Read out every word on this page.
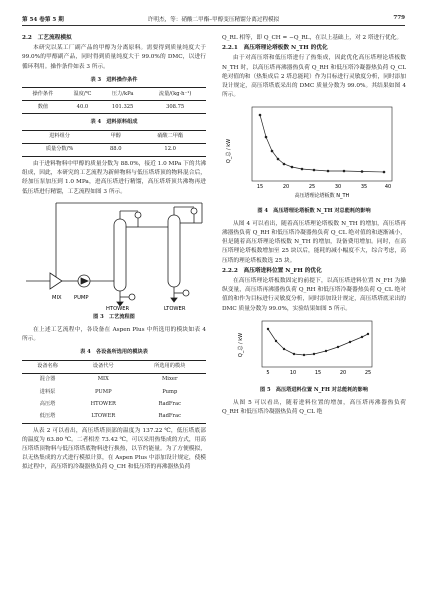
第 54 卷第 5 期	许明杰，等：硝酸二甲酯–甲醇变压精馏分离过程模拟	779
2.2　工艺流程模拟
本研究以某工厂副产品的甲醇为分离原料。需要得到质量纯度大于 99.0%的甲醇副产品，同时得到质量纯度大于 99.0%的 DMC，以进行循环利用。操作条件如表 3 所示。
表 3　进料操作条件
操作条件	温度/℃	压力/kPa	流量/(kg·h⁻¹)
数值	40.0	101.325	308.75
表 4　进料原料组成
进料组分	甲醇	硝酸二甲酯
质量分数/%	88.0	12.0
由于进料物料中甲醇的质量分数为 88.0%，接近 1.0 MPa 下的共沸组成，因此，本研究的工艺流程为新鲜物料与低压塔塔顶的物料混合后，经加压泵加压到 1.0 MPa，进高压塔进行精馏，高压塔塔顶共沸物再进低压塔进行精馏，工艺流程如图 3 所示。
MIX PUMP
HTOWER	LTOWER
图 3　工艺流程图
在上述工艺流程中，各设备在 Aspen Plus 中所选用的模块如表 4 所示。
表 4　各设备所选用的模块表
设备名称	设备代号	所选用的模块
混合器	MIX	Mixer
进料泵	PUMP	Pump
高压塔	HTOWER	RadFrac
低压塔	LTOWER	RadFrac
从表 2 可以看出，高压塔塔顶部的温度为 137.22 ℃，低压塔底部的温度为 63.80 ℃。二者相差 73.42 ℃，可以采用热集成的方式，用高压塔塔顶物料与低压塔塔底物料进行换热，以节约能量。为了方便模拟，以无热集成的方式进行模拟计算，在 Aspen Plus 中添加设计规定，使模拟过程中，高压塔的冷凝器热负荷 Q_CH 和低压塔的再沸器热负荷
Q_RL 相等，即 Q_CH = −Q_RL，在以上基础上，对 2 塔进行优化。
2.2.1　高压塔理论塔板数 N_TH 的优化
由于对高压塔和低压塔进行了热集成，因此优化高压塔理论塔板数 N_TH 时，以高压塔再沸器热负荷 Q_RH 和低压塔冷凝器热负荷 Q_CL 绝对值的和（热集成后 2 塔总能耗）作为目标进行灵敏度分析，同时添加设计规定，高压塔塔底采出的 DMC 质量分数为 99.0%。其结果如图 4 所示。
Q_总 / kW
15	20	25	30	35	40
高压塔理论塔板数 N_TH
图 4　高压塔理论塔板数 N_TH 对总能耗的影响
从图 4 可以看出，随着高压塔理论塔板数 N_TH 的增加，高压塔再沸器热负荷 Q_RH 和低压塔冷凝器热负荷 Q_CL 绝对值的和逐渐减小，但是随着高压塔理论塔板数 N_TH 的增加，设备费用增加。同时，在高压塔理论塔板数增加至 25 块以后，能耗的减小幅度不大，综合考虑，高压塔的理论塔板数选 25 块。
2.2.2　高压塔进料位置 N_FH 的优化
在高压塔理论塔板数固定的前提下，以高压塔进料位置 N_FH 为操纵变量，高压塔再沸器热负荷 Q_RH 和低压塔冷凝器热负荷 Q_CL 绝对值的和作为目标进行灵敏度分析，同时添加设计规定，高压塔塔底采出的 DMC 质量分数为 99.0%，实验结果如图 5 所示。
Q_总 / kW
5	10	15	20	25
图 5　高压塔进料位置 N_FH 对总能耗的影响
从图 5 可以看出，随着进料位置的增加，高压塔再沸器热负荷 Q_RH 和低压塔冷凝器热负荷 Q_CL 绝
